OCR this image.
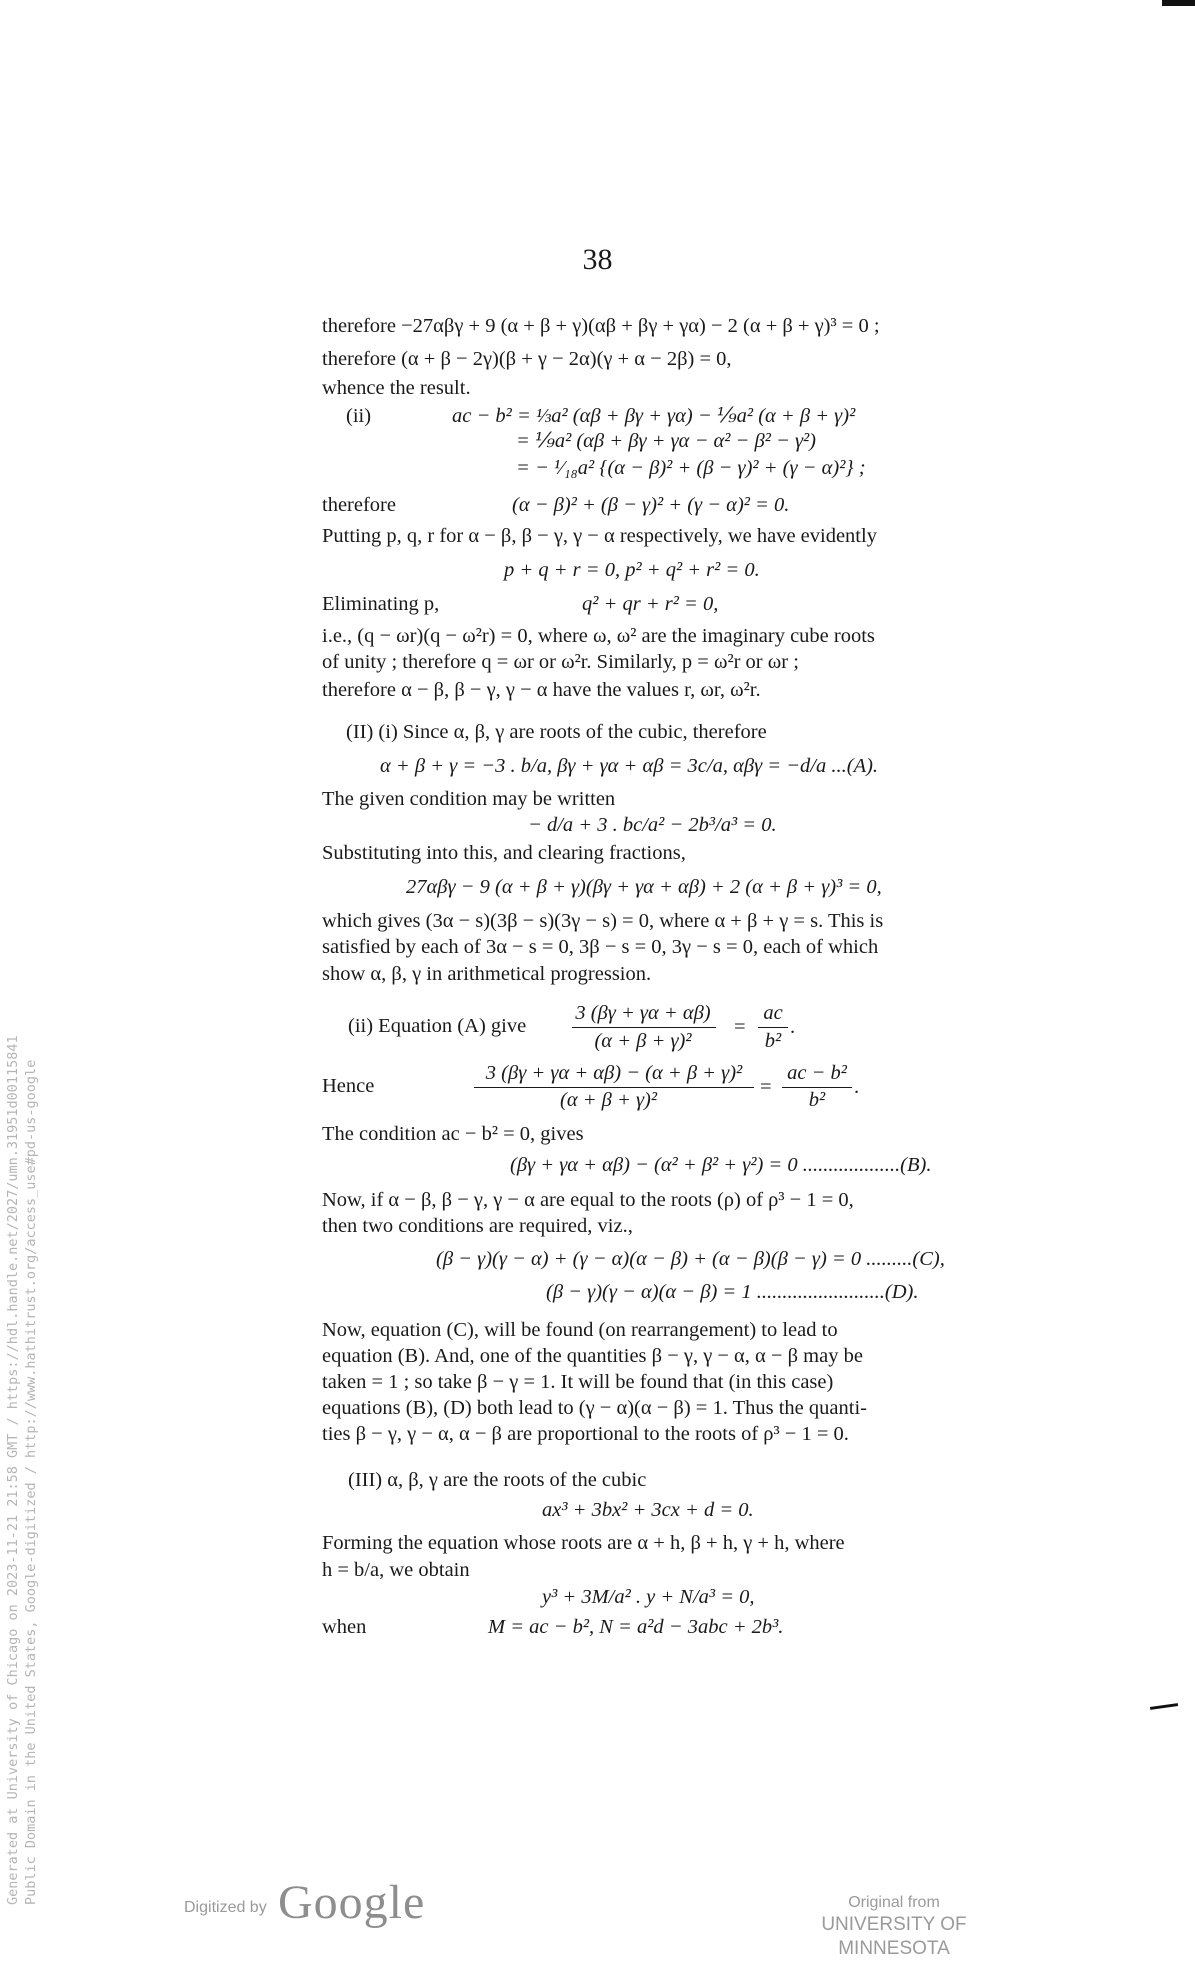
38
therefore −27αβγ + 9 (α + β + γ)(αβ + βγ + γα) − 2 (α + β + γ)³ = 0 ;
therefore (α + β − 2γ)(β + γ − 2α)(γ + α − 2β) = 0,
whence the result.
(ii)	ac − b² = ⅓a² (αβ + βγ + γα) − ⅑a² (α + β + γ)²
= ⅑a² (αβ + βγ + γα − α² − β² − γ²)
= − ¹⁄₁₈a² {(α − β)² + (β − γ)² + (γ − α)²} ;
therefore	(α − β)² + (β − γ)² + (γ − α)² = 0.
Putting p, q, r for α − β, β − γ, γ − α respectively, we have evidently
p + q + r = 0, p² + q² + r² = 0.
Eliminating p,	q² + qr + r² = 0,
i.e., (q − ωr)(q − ω²r) = 0, where ω, ω² are the imaginary cube roots
of unity ; therefore q = ωr or ω²r. Similarly, p = ω²r or ωr ;
therefore α − β, β − γ, γ − α have the values r, ωr, ω²r.
(II) (i) Since α, β, γ are roots of the cubic, therefore
α + β + γ = −3 . b/a, βγ + γα + αβ = 3c/a, αβγ = −d/a ...(A).
The given condition may be written
− d/a + 3 . bc/a² − 2b³/a³ = 0.
Substituting into this, and clearing fractions,
27αβγ − 9 (α + β + γ)(βγ + γα + αβ) + 2 (α + β + γ)³ = 0,
which gives (3α − s)(3β − s)(3γ − s) = 0, where α + β + γ = s. This is
satisfied by each of 3α − s = 0, 3β − s = 0, 3γ − s = 0, each of which
show α, β, γ in arithmetical progression.
(ii) Equation (A) give
3 (βγ + γα + αβ)
(α + β + γ)²
=
ac
b²
.
Hence
3 (βγ + γα + αβ) − (α + β + γ)²
(α + β + γ)²
=
ac − b²
b²
.
The condition ac − b² = 0, gives
(βγ + γα + αβ) − (α² + β² + γ²) = 0 ...................(B).
Now, if α − β, β − γ, γ − α are equal to the roots (ρ) of ρ³ − 1 = 0,
then two conditions are required, viz.,
(β − γ)(γ − α) + (γ − α)(α − β) + (α − β)(β − γ) = 0 .........(C),
(β − γ)(γ − α)(α − β) = 1 .........................(D).
Now, equation (C), will be found (on rearrangement) to lead to
equation (B). And, one of the quantities β − γ, γ − α, α − β may be
taken = 1 ; so take β − γ = 1. It will be found that (in this case)
equations (B), (D) both lead to (γ − α)(α − β) = 1. Thus the quanti-
ties β − γ, γ − α, α − β are proportional to the roots of ρ³ − 1 = 0.
(III) α, β, γ are the roots of the cubic
ax³ + 3bx² + 3cx + d = 0.
Forming the equation whose roots are α + h, β + h, γ + h, where
h = b/a, we obtain
y³ + 3M/a² . y + N/a³ = 0,
when	M = ac − b², N = a²d − 3abc + 2b³.
Generated at University of Chicago on 2023-11-21 21:58 GMT / https://hdl.handle.net/2027/umn.31951d00115841 Public Domain in the United States, Google-digitized / http://www.hathitrust.org/access_use#pd-us-google
Digitized by Google	Original from
UNIVERSITY OF MINNESOTA
